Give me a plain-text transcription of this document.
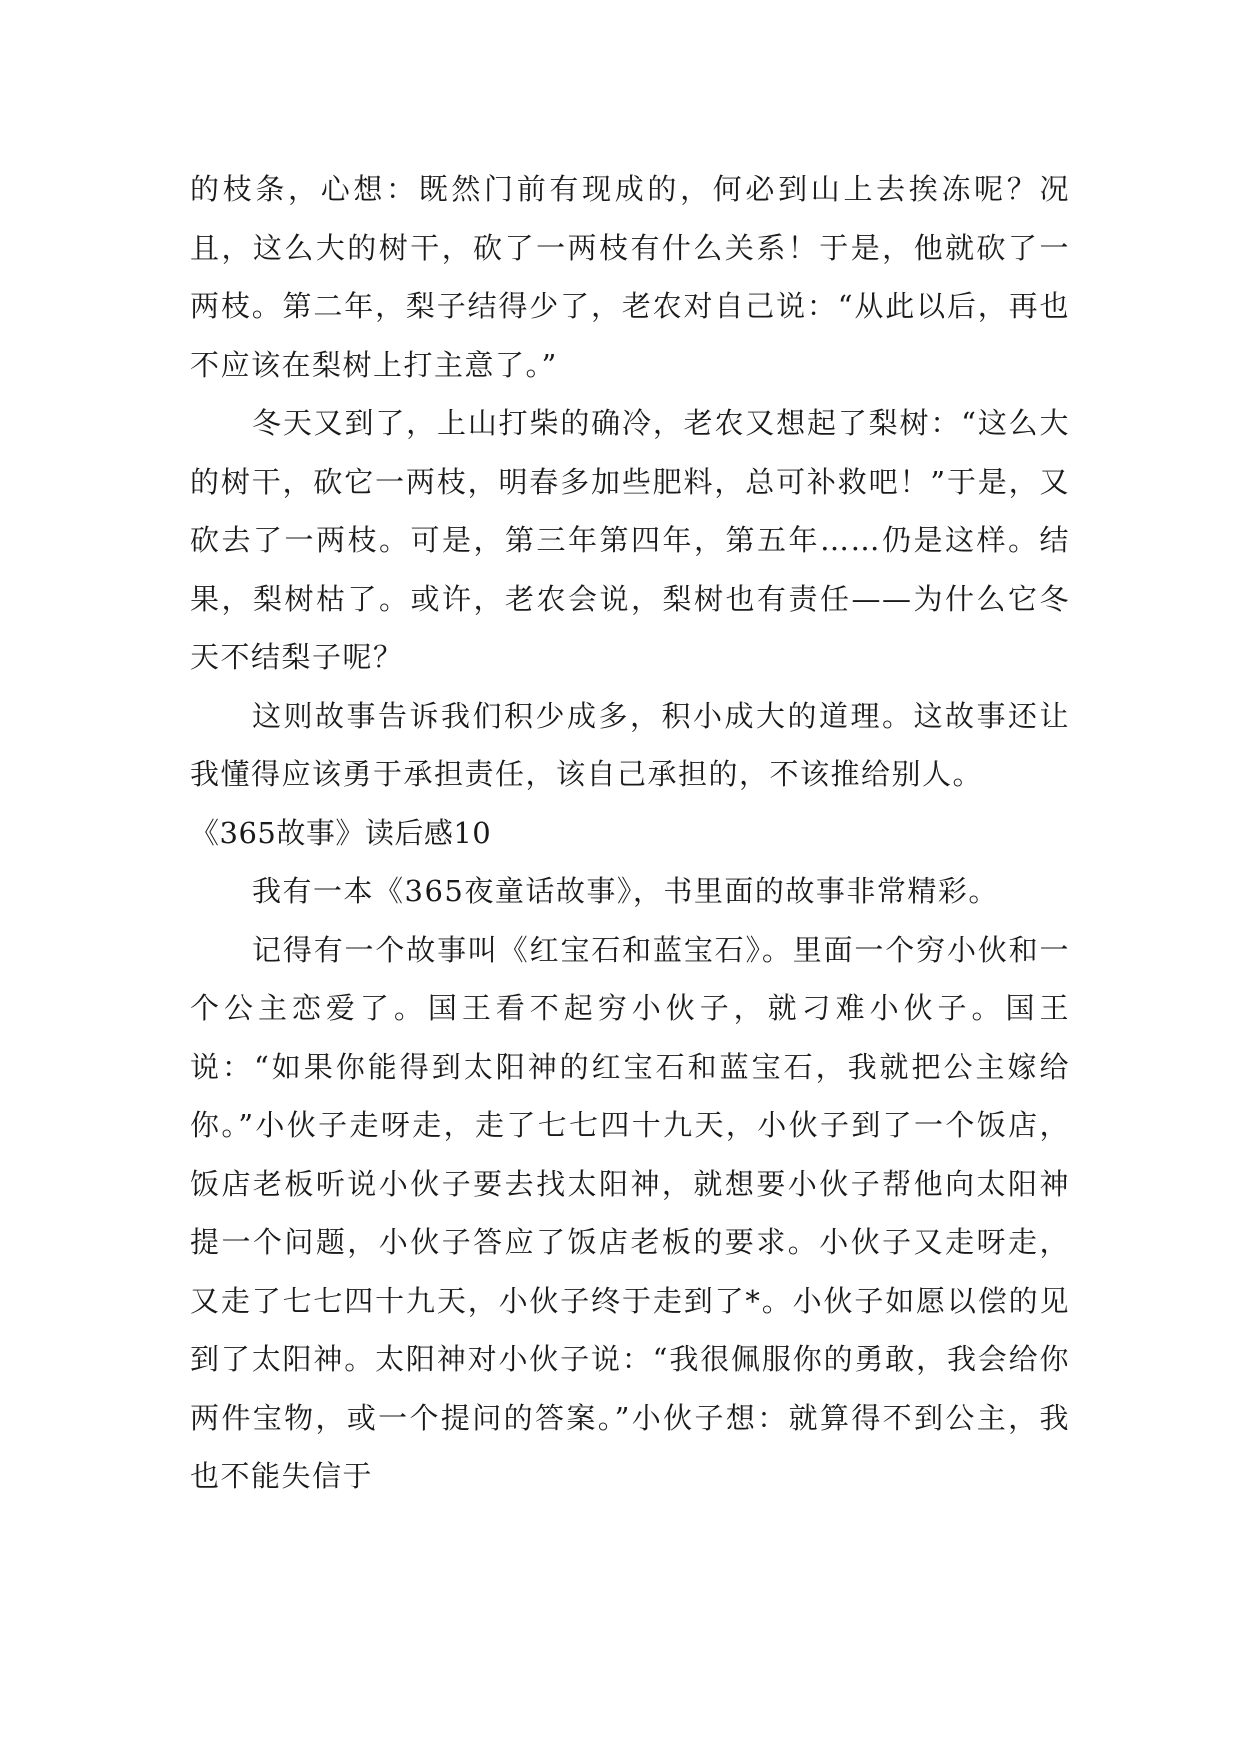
的枝条，心想：既然门前有现成的，何必到山上去挨冻呢？况且，这么大的树干，砍了一两枝有什么关系！于是，他就砍了一两枝。第二年，梨子结得少了，老农对自己说：“从此以后，再也不应该在梨树上打主意了。”

冬天又到了，上山打柴的确冷，老农又想起了梨树：“这么大的树干，砍它一两枝，明春多加些肥料，总可补救吧！”于是，又砍去了一两枝。可是，第三年第四年，第五年……仍是这样。结果，梨树枯了。或许，老农会说，梨树也有责任——为什么它冬天不结梨子呢？

这则故事告诉我们积少成多，积小成大的道理。这故事还让我懂得应该勇于承担责任，该自己承担的，不该推给别人。

《365故事》读后感10

我有一本《365夜童话故事》，书里面的故事非常精彩。

记得有一个故事叫《红宝石和蓝宝石》。里面一个穷小伙和一个公主恋爱了。国王看不起穷小伙子，就刁难小伙子。国王说：“如果你能得到太阳神的红宝石和蓝宝石，我就把公主嫁给你。”小伙子走呀走，走了七七四十九天，小伙子到了一个饭店，饭店老板听说小伙子要去找太阳神，就想要小伙子帮他向太阳神提一个问题，小伙子答应了饭店老板的要求。小伙子又走呀走，又走了七七四十九天，小伙子终于走到了*。小伙子如愿以偿的见到了太阳神。太阳神对小伙子说：“我很佩服你的勇敢，我会给你两件宝物，或一个提问的答案。”小伙子想：就算得不到公主，我也不能失信于
